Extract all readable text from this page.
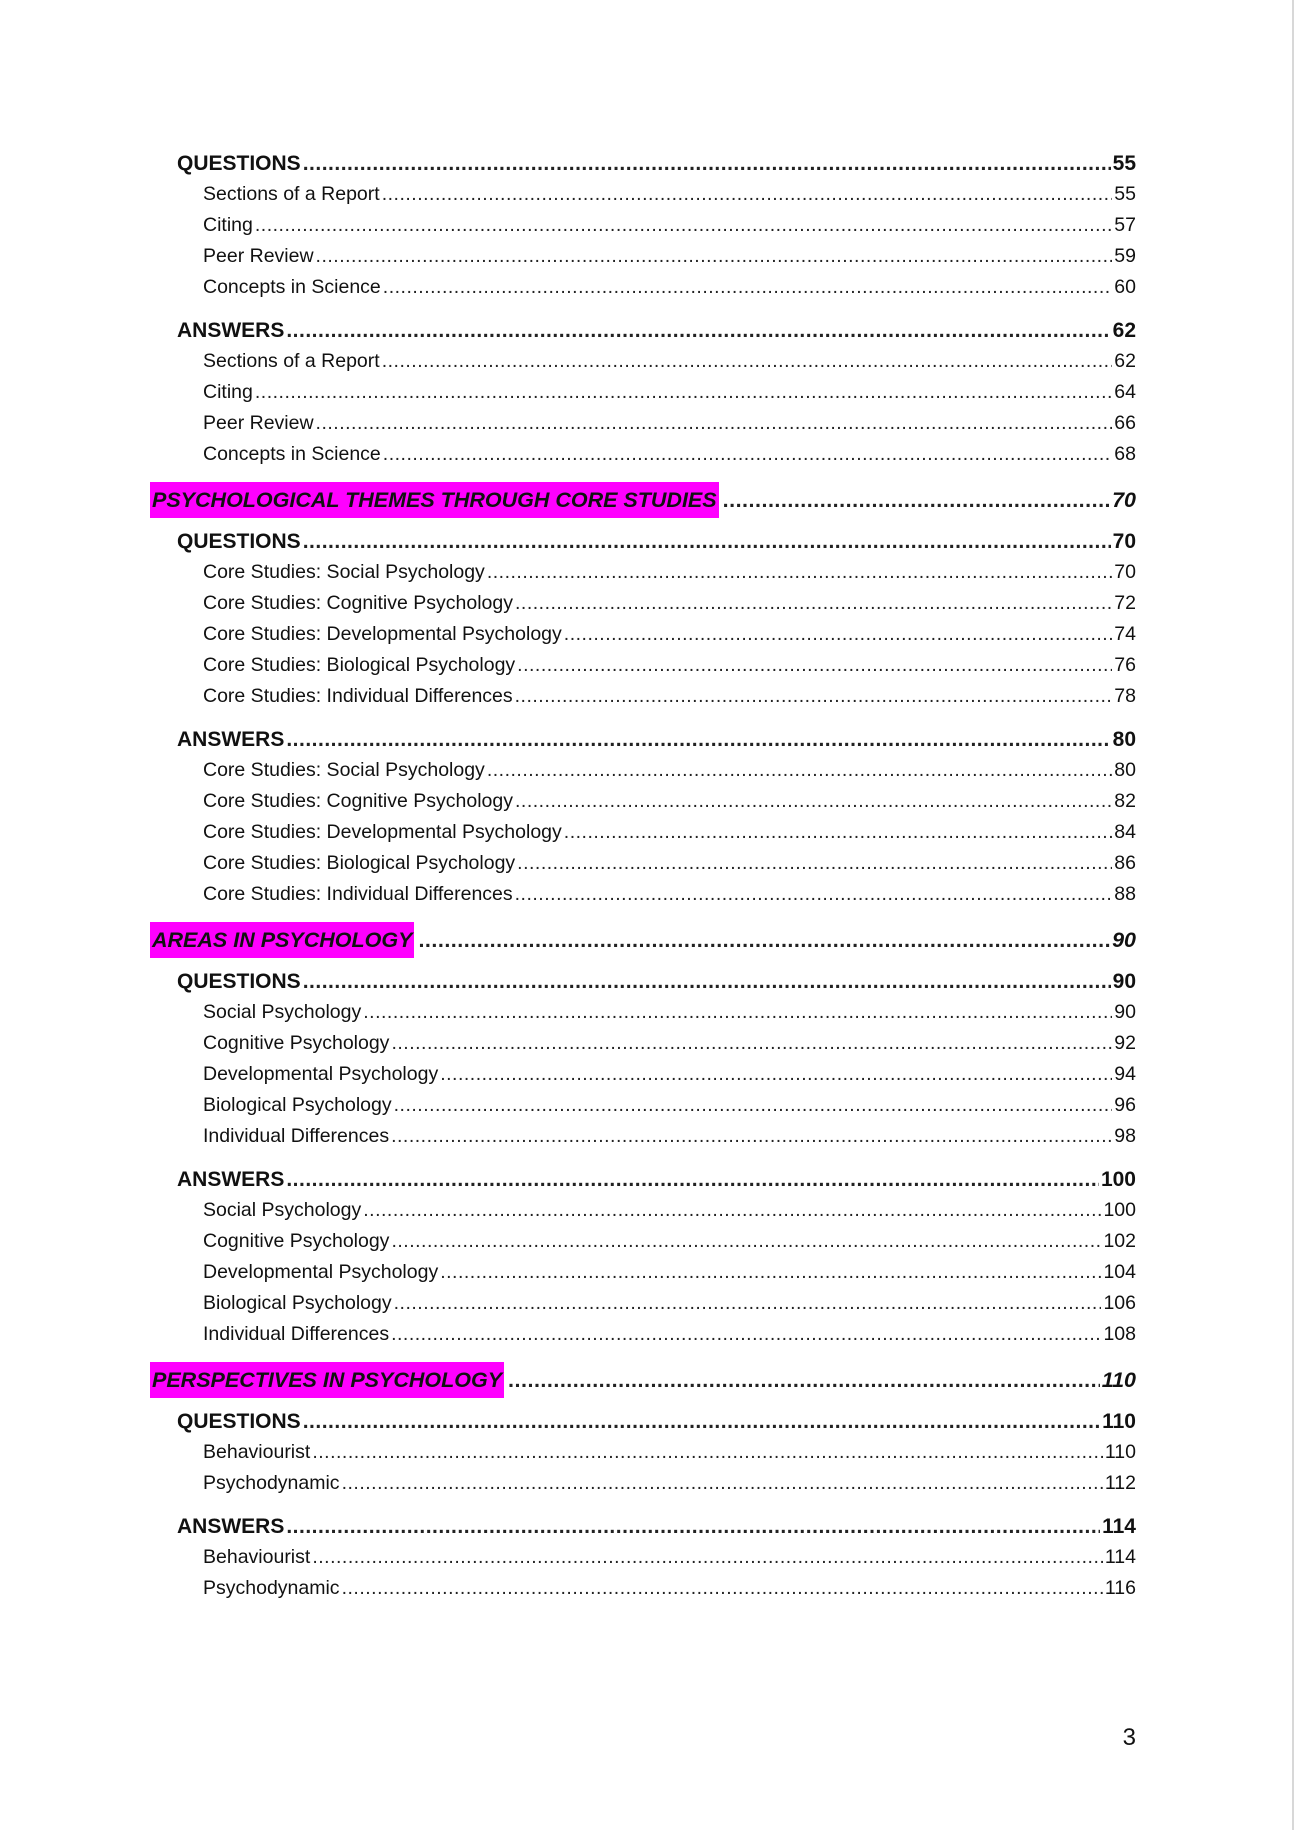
QUESTIONS .....	55
Sections of a Report .....	55
Citing .....	57
Peer Review .....	59
Concepts in Science .....	60
ANSWERS .....	62
Sections of a Report .....	62
Citing .....	64
Peer Review .....	66
Concepts in Science .....	68
PSYCHOLOGICAL THEMES THROUGH CORE STUDIES .....	70
QUESTIONS .....	70
Core Studies: Social Psychology .....	70
Core Studies: Cognitive Psychology .....	72
Core Studies: Developmental Psychology .....	74
Core Studies: Biological Psychology .....	76
Core Studies: Individual Differences .....	78
ANSWERS .....	80
Core Studies: Social Psychology .....	80
Core Studies: Cognitive Psychology .....	82
Core Studies: Developmental Psychology .....	84
Core Studies: Biological Psychology .....	86
Core Studies: Individual Differences .....	88
AREAS IN PSYCHOLOGY .....	90
QUESTIONS .....	90
Social Psychology .....	90
Cognitive Psychology .....	92
Developmental Psychology .....	94
Biological Psychology .....	96
Individual Differences .....	98
ANSWERS .....	100
Social Psychology .....	100
Cognitive Psychology .....	102
Developmental Psychology .....	104
Biological Psychology .....	106
Individual Differences .....	108
PERSPECTIVES IN PSYCHOLOGY .....	110
QUESTIONS .....	110
Behaviourist .....	110
Psychodynamic .....	112
ANSWERS .....	114
Behaviourist .....	114
Psychodynamic .....	116
3
